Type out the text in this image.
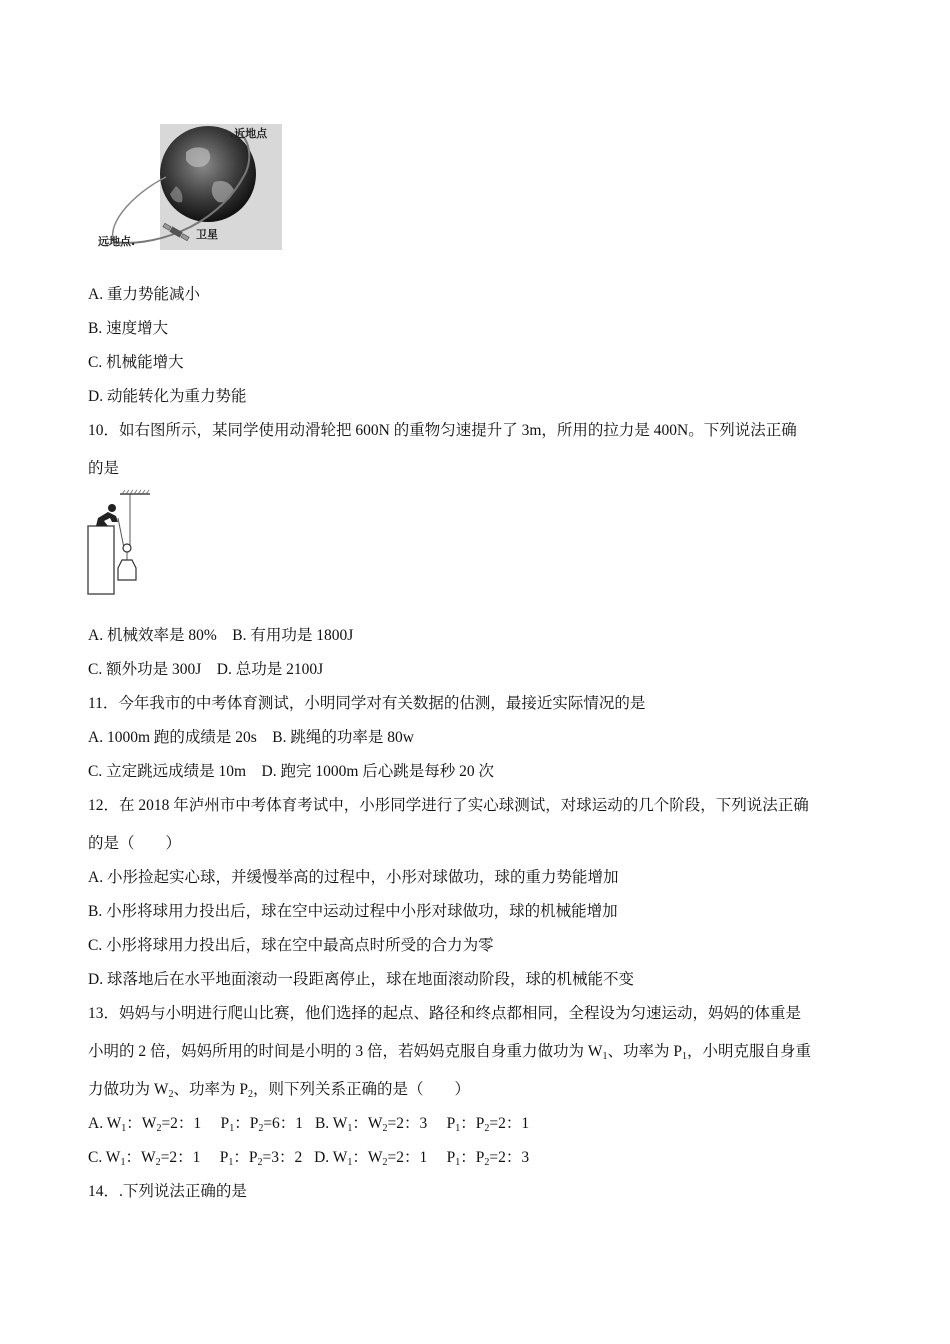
.近地点
远地点.
卫星
A. 重力势能减小
B. 速度增大
C. 机械能增大
D. 动能转化为重力势能
10．如右图所示，某同学使用动滑轮把 600N 的重物匀速提升了 3m，所用的拉力是 400N。下列说法正确
的是
A. 机械效率是 80%　B. 有用功是 1800J
C. 额外功是 300J　D. 总功是 2100J
11．今年我市的中考体育测试，小明同学对有关数据的估测，最接近实际情况的是
A. 1000m 跑的成绩是 20s　B. 跳绳的功率是 80w
C. 立定跳远成绩是 10m　D. 跑完 1000m 后心跳是每秒 20 次
12．在 2018 年泸州市中考体育考试中，小彤同学进行了实心球测试，对球运动的几个阶段，下列说法正确
的是（　　）
A. 小彤捡起实心球，并缓慢举高的过程中，小彤对球做功，球的重力势能增加
B. 小彤将球用力投出后，球在空中运动过程中小彤对球做功，球的机械能增加
C. 小彤将球用力投出后，球在空中最高点时所受的合力为零
D. 球落地后在水平地面滚动一段距离停止，球在地面滚动阶段，球的机械能不变
13．妈妈与小明进行爬山比赛，他们选择的起点、路径和终点都相同，全程设为匀速运动，妈妈的体重是
小明的 2 倍，妈妈所用的时间是小明的 3 倍，若妈妈克服自身重力做功为 $W_1$、功率为 $P_1$，小明克服自身重
力做功为 $W_2$、功率为 $P_2$，则下列关系正确的是（　　）
A. $W_1$：$W_2=2$：1　 $P_1$：$P_2=6$：1 B. $W_1$：$W_2=2$：3　 $P_1$：$P_2=2$：1
C. $W_1$：$W_2=2$：1　 $P_1$：$P_2=3$：2 D. $W_1$：$W_2=2$：1　 $P_1$：$P_2=2$：3
14．.下列说法正确的是
